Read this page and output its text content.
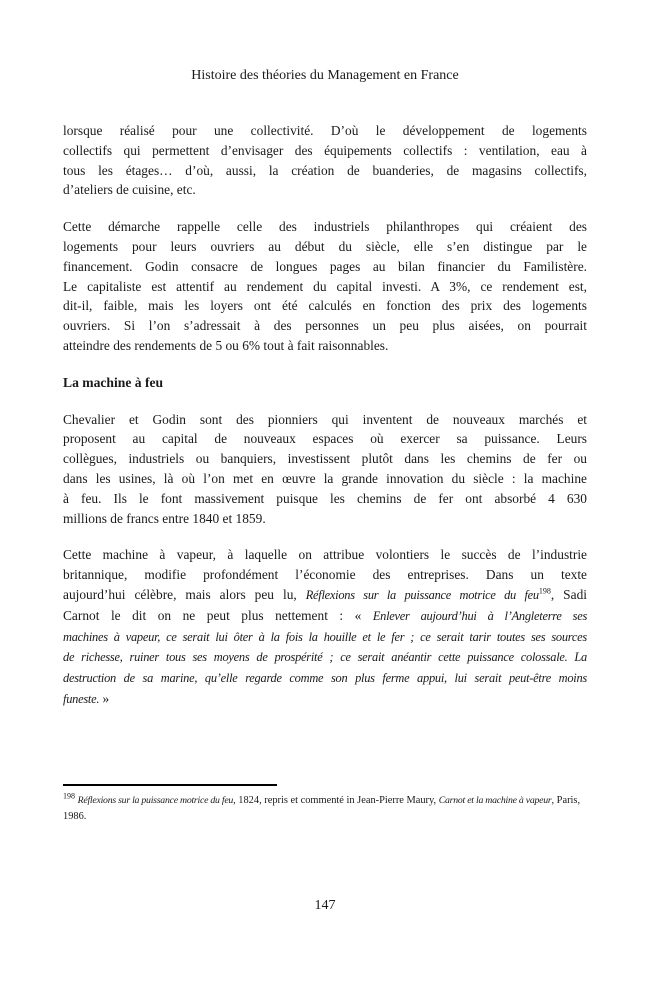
Histoire des théories du Management en France
lorsque réalisé pour une collectivité. D’où le développement de logements
collectifs qui permettent d’envisager des équipements collectifs : ventilation, eau à
tous les étages… d’où, aussi, la création de buanderies, de magasins collectifs,
d’ateliers de cuisine, etc.
Cette démarche rappelle celle des industriels philanthropes qui créaient des
logements pour leurs ouvriers au début du siècle, elle s’en distingue par le
financement. Godin consacre de longues pages au bilan financier du Familistère.
Le capitaliste est attentif au rendement du capital investi. A 3%, ce rendement est,
dit-il, faible, mais les loyers ont été calculés en fonction des prix des logements
ouvriers. Si l’on s’adressait à des personnes un peu plus aisées, on pourrait
atteindre des rendements de 5 ou 6% tout à fait raisonnables.
La machine à feu
Chevalier et Godin sont des pionniers qui inventent de nouveaux marchés et
proposent au capital de nouveaux espaces où exercer sa puissance. Leurs
collègues, industriels ou banquiers, investissent plutôt dans les chemins de fer ou
dans les usines, là où l’on met en œuvre la grande innovation du siècle : la machine
à feu. Ils le font massivement puisque les chemins de fer ont absorbé 4 630
millions de francs entre 1840 et 1859.
Cette machine à vapeur, à laquelle on attribue volontiers le succès de l’industrie
britannique, modifie profondément l’économie des entreprises. Dans un texte
aujourd’hui célèbre, mais alors peu lu, Réflexions sur la puissance motrice du feu$^{198}$, Sadi
Carnot le dit on ne peut plus nettement : « Enlever aujourd’hui à l’Angleterre ses
machines à vapeur, ce serait lui ôter à la fois la houille et le fer ; ce serait tarir toutes ses sources
de richesse, ruiner tous ses moyens de prospérité ; ce serait anéantir cette puissance colossale. La
destruction de sa marine, qu’elle regarde comme son plus ferme appui, lui serait peut-être moins
funeste. »
$^{198}$ Réflexions sur la puissance motrice du feu, 1824, repris et commenté in Jean-Pierre Maury, Carnot et la machine à vapeur, Paris, 1986.
147
